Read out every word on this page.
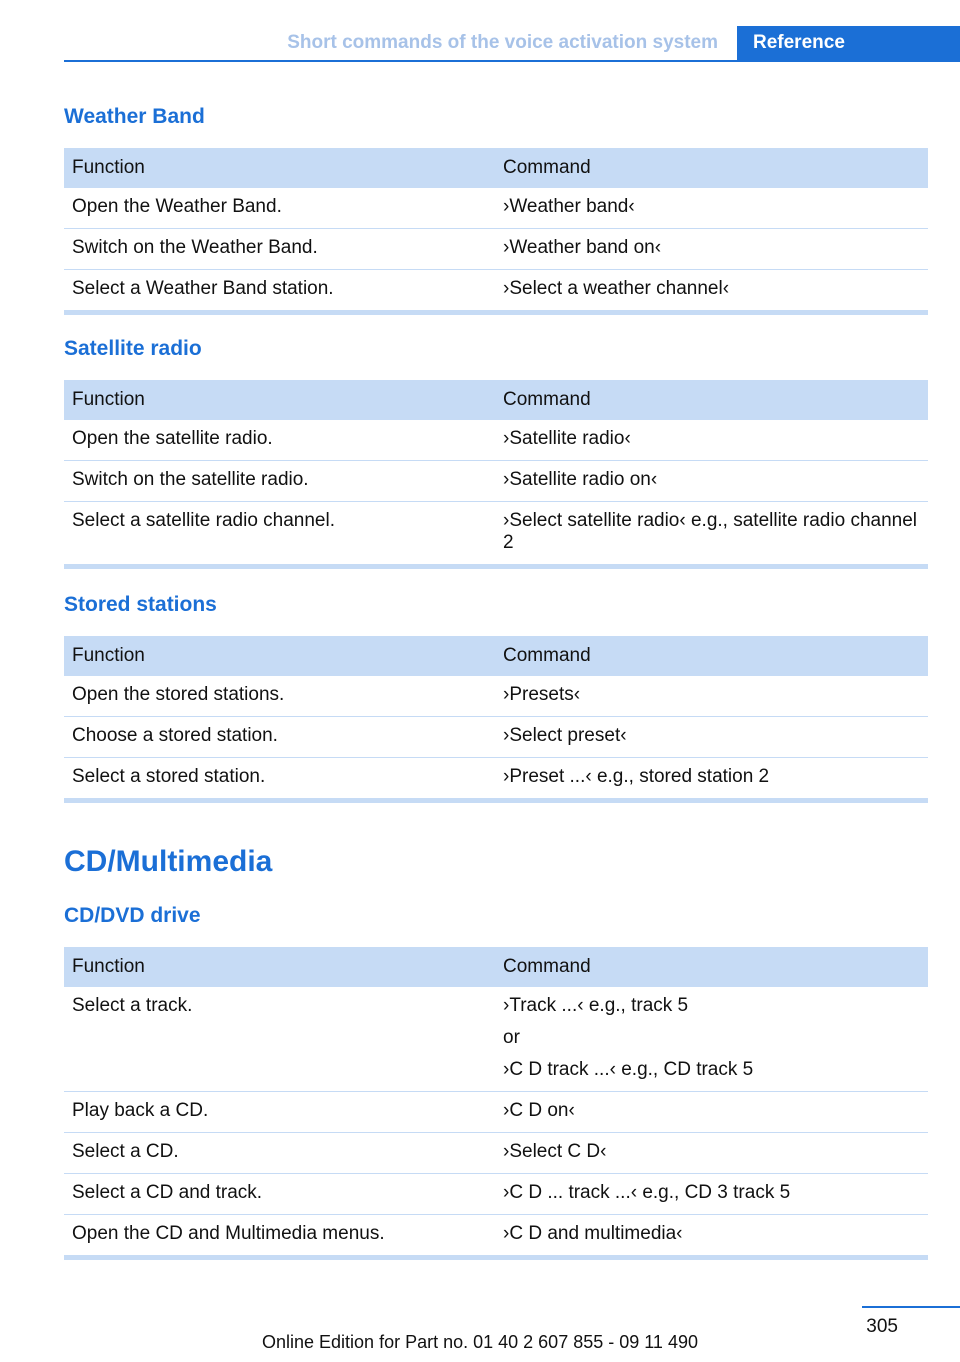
Short commands of the voice activation system	Reference
Weather Band
Function	Command
Open the Weather Band.	›Weather band‹
Switch on the Weather Band.	›Weather band on‹
Select a Weather Band station.	›Select a weather channel‹
Satellite radio
Function	Command
Open the satellite radio.	›Satellite radio‹
Switch on the satellite radio.	›Satellite radio on‹
Select a satellite radio channel.	›Select satellite radio‹ e.g., satellite radio channel 2
Stored stations
Function	Command
Open the stored stations.	›Presets‹
Choose a stored station.	›Select preset‹
Select a stored station.	›Preset ...‹ e.g., stored station 2
CD/Multimedia
CD/DVD drive
Function	Command
Select a track.	›Track ...‹ e.g., track 5

or

›C D track ...‹ e.g., CD track 5

Play back a CD.	›C D on‹
Select a CD.	›Select C D‹
Select a CD and track.	›C D ... track ...‹ e.g., CD 3 track 5
Open the CD and Multimedia menus.	›C D and multimedia‹
305
Online Edition for Part no. 01 40 2 607 855 - 09 11 490
